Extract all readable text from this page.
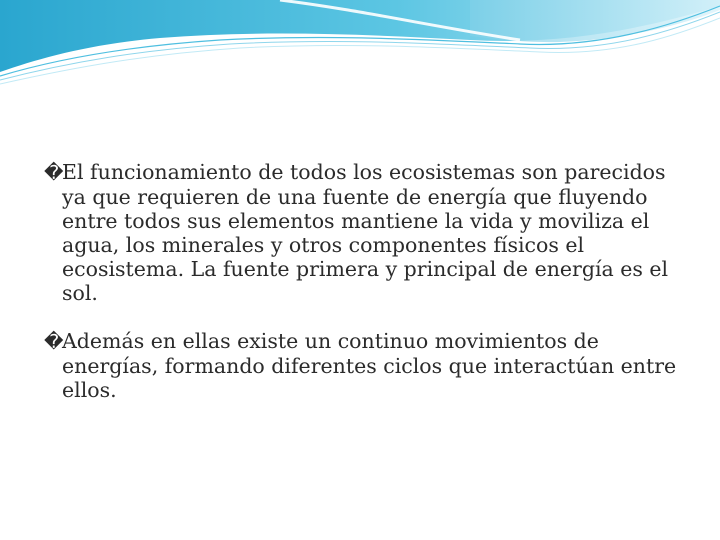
�El funcionamiento de todos los ecosistemas son parecidos ya que requieren de una fuente de energía que fluyendo entre todos sus elementos mantiene la vida y moviliza el agua, los minerales y otros componentes físicos el ecosistema. La fuente primera y principal de energía es el sol.

�Además en ellas existe un continuo movimientos de energías, formando diferentes ciclos que interactúan entre ellos.
